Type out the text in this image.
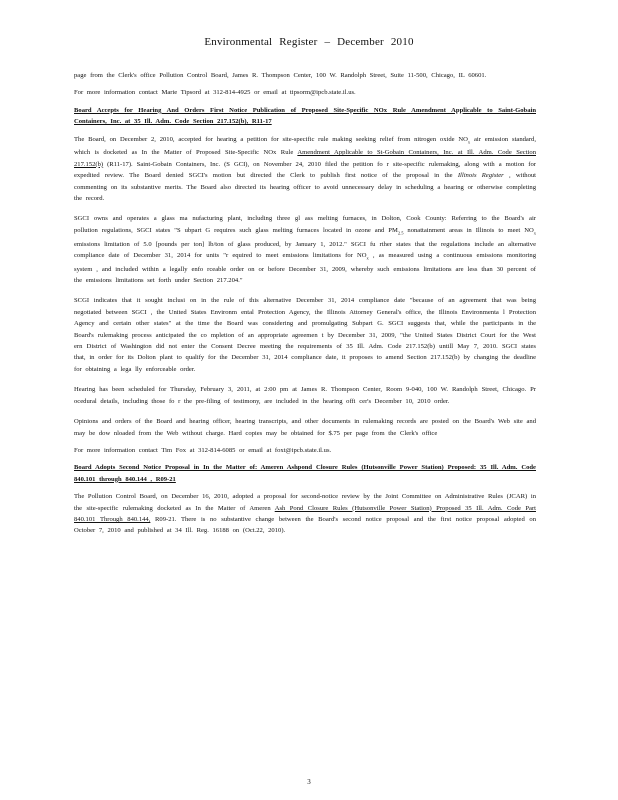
Environmental Register – December 2010

page from the Clerk's office Pollution Control Board, James R. Thompson Center, 100 W. Randolph Street, Suite 11-500, Chicago, IL 60601.

For more information contact Marie Tipsord at 312-814-4925 or email at tipsorm@ipcb.state.il.us.

Board Accepts for Hearing And Orders First Notice Publication of Proposed Site-Specific NOx Rule Amendment Applicable to Saint-Gobain Containers, Inc. at 35 Ill. Adm. Code Section 217.152(b), R11-17

The Board, on December 2, 2010, accepted for hearing a petition for site-specific rule making seeking relief from nitrogen oxide $NO_x$ air emission standard, which is docketed as In the Matter of Proposed Site-Specific NOx Rule Amendment Applicable to St-Gobain Containers, Inc. at Ill. Adm. Code Section 217.152(b) (R11-17). Saint-Gobain Containers, Inc. (S GCI), on November 24, 2010 filed the petition fo r site-specific rulemaking, along with a motion for expedited review. The Board denied SGCI's motion but directed the Clerk to publish first notice of the proposal in the Illinois Register , without commenting on its substantive merits. The Board also directed its hearing officer to avoid unnecessary delay in scheduling a hearing or otherwise completing the record.

SGCI owns and operates a glass ma nufacturing plant, including three gl ass melting furnaces, in Dolton, Cook County: Referring to the Board's air pollution regulations, SGCI states "S ubpart G requires such glass melting furnaces located in ozone and $PM_{2.5}$ nonattainment areas in Illinois to meet $NO_x$ emissions limitation of 5.0 [pounds per ton] lb/ton of glass produced, by January 1, 2012." SGCI fu rther states that the regulations include an alternative compliance date of December 31, 2014 for units "r equired to meet emissions limitations for $NO_x$ , as measured using a continuous emissions monitoring system , and included within a legally enfo rceable order on or before December 31, 2009, whereby such emissions limitations are less than 30 percent of the emissions limitations set forth under Section 217.204."

SCGI indicates that it sought inclusi on in the rule of this alternative December 31, 2014 compliance date "because of an agreement that was being negotiated between SGCI , the United States Environm ental Protection Agency, the Illinois Attorney General's office, the Illinois Environmenta l Protection Agency and certain other states" at the time the Board was considering and promulgating Subpart G. SGCI suggests that, while the participants in the Board's rulemaking process anticipated the co mpletion of an appropriate agreemen t by December 31, 2009, "the United States District Court for the West ern District of Washington did not enter the Consent Decree meeting the requirements of 35 Ill. Adm. Code 217.152(b) untill May 7, 2010. SGCI states that, in order for its Dolton plant to qualify for the December 31, 2014 compliance date, it proposes to amend Section 217.152(b) by changing the deadline for obtaining a lega lly enforceable order.

Hearing has been scheduled for Thursday, February 3, 2011, at 2:00 pm at James R. Thompson Center, Room 9-040, 100 W. Randolph Street, Chicago. Pr ocedural details, including those fo r the pre-filing of testimony, are included in the hearing offi cer's December 10, 2010 order.

Opinions and orders of the Board and hearing officer, hearing transcripts, and other documents in rulemaking records are posted on the Board's Web site and may be dow nloaded from the Web without charge. Hard copies may be obtained for $.75 per page from the Clerk's office

For more information contact Tim Fox at 312-814-6085 or email at foxt@ipcb.state.il.us.

Board Adopts Second Notice Proposal in In the Matter of: Ameren Ashpond Closure Rules (Hutsonville Power Station) Proposed: 35 Ill. Adm. Code 840.101 through 840.144 , R09-21

The Pollution Control Board, on December 16, 2010, adopted a proposal for second-notice review by the Joint Committee on Administrative Rules (JCAR) in the site-specific rulemaking docketed as In the Matter of Ameren Ash Pond Closure Rules (Hutsonville Power Station) Proposed 35 Ill. Adm. Code Part 840.101 Through 840.144, R09-21. There is no substantive change between the Board's second notice proposal and the first notice proposal adopted on October 7, 2010 and published at 34 Ill. Reg. 16188 on (Oct.22, 2010).

3
